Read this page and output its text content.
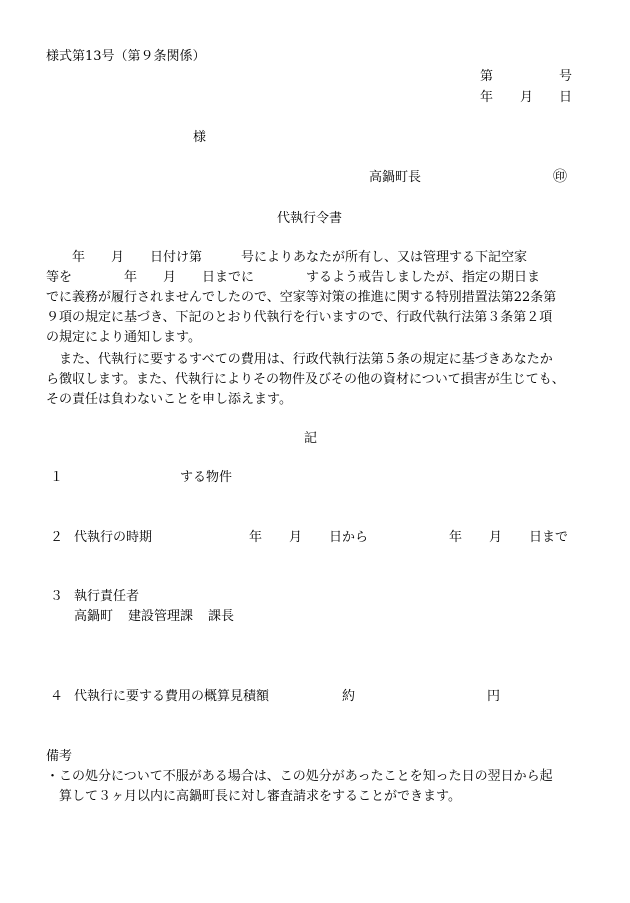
様式第13号（第９条関係）
第	号
年 月 日
様
高鍋町長	㊞
代執行令書
　　年　　月　　日付け第　　　号によりあなたが所有し、又は管理する下記空家
等を　　　　年　　月　　日までに　　　　するよう戒告しましたが、指定の期日ま
でに義務が履行されませんでしたので、空家等対策の推進に関する特別措置法第22条第
９項の規定に基づき、下記のとおり代執行を行いますので、行政代執行法第３条第２項
の規定により通知します。
　また、代執行に要するすべての費用は、行政代執行法第５条の規定に基づきあなたか
ら徴収します。また、代執行によりその物件及びその他の資材について損害が生じても、
その責任は負わないことを申し添えます。
記
１	する物件
２ 代執行の時期	年 月 日から	年 月 日まで
３ 執行責任者
高鍋町 建設管理課 課長
４ 代執行に要する費用の概算見積額	約	円
備考
・ この処分について不服がある場合は、この処分があったことを知った日の翌日から起
算して３ヶ月以内に高鍋町長に対し審査請求をすることができます。
